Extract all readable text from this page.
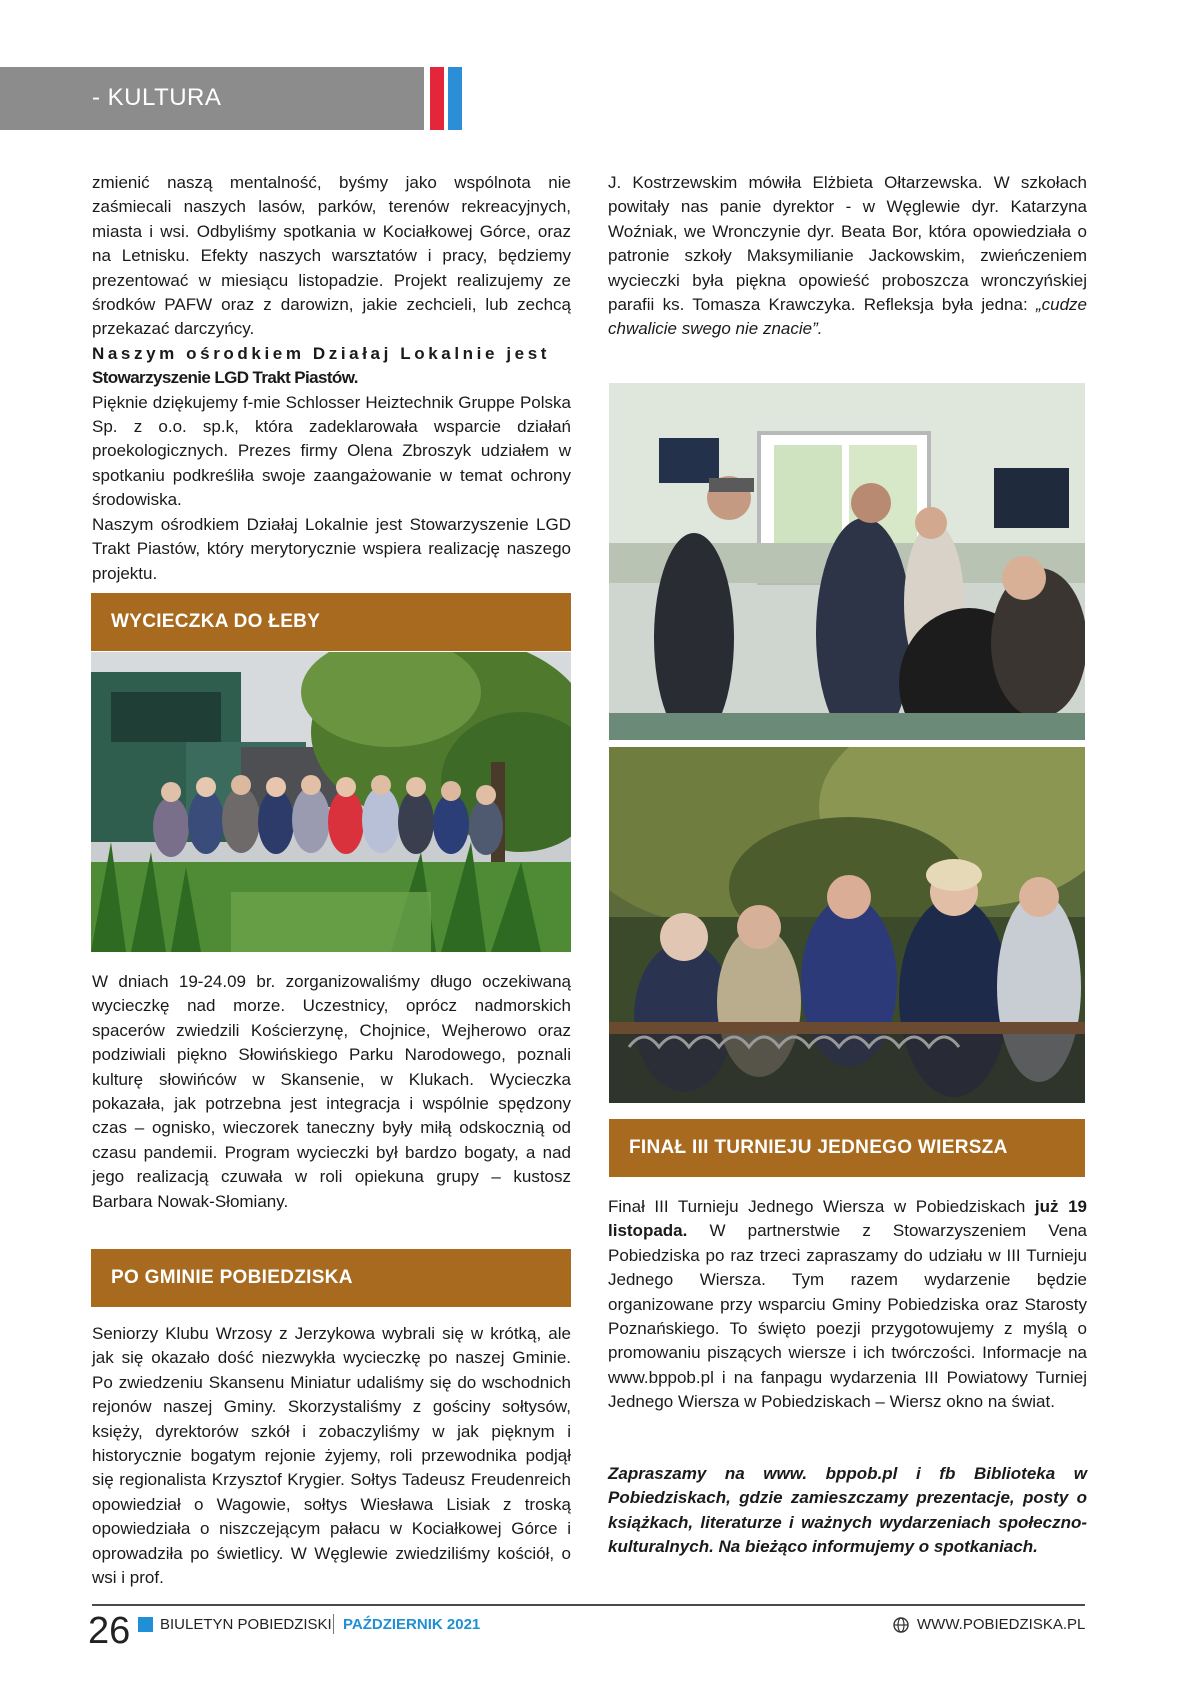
- KULTURA

zmienić naszą mentalność, byśmy jako wspólnota nie zaśmiecali naszych lasów, parków, terenów rekreacyjnych, miasta i wsi. Odbyliśmy spotkania w Kociałkowej Górce, oraz na Letnisku. Efekty naszych warsztatów i pracy, będziemy prezentować w miesiącu listopadzie. Projekt realizujemy ze środków PAFW oraz z darowizn, jakie zechcieli, lub zechcą przekazać darczyńcy.

Naszym ośrodkiem Działaj Lokalnie jest
Stowarzyszenie LGD Trakt Piastów.

Pięknie dziękujemy f-mie Schlosser Heiztechnik Gruppe Polska Sp. z o.o. sp.k, która zadeklarowała wsparcie działań proekologicznych. Prezes firmy Olena Zbroszyk udziałem w spotkaniu podkreśliła swoje zaangażowanie w temat ochrony środowiska.

Naszym ośrodkiem Działaj Lokalnie jest Stowarzyszenie LGD Trakt Piastów, który merytorycznie wspiera realizację naszego projektu.

WYCIECZKA DO ŁEBY

W dniach 19-24.09 br. zorganizowaliśmy długo oczekiwaną wycieczkę nad morze. Uczestnicy, oprócz nadmorskich spacerów zwiedzili Kościerzynę, Chojnice, Wejherowo oraz podziwiali piękno Słowińskiego Parku Narodowego, poznali kulturę słowińców w Skansenie, w Klukach. Wycieczka pokazała, jak potrzebna jest integracja i wspólnie spędzony czas – ognisko, wieczorek taneczny były miłą odskocznią od czasu pandemii. Program wycieczki był bardzo bogaty, a nad jego realizacją czuwała w roli opiekuna grupy – kustosz Barbara Nowak-Słomiany.

PO GMINIE POBIEDZISKA

Seniorzy Klubu Wrzosy z Jerzykowa wybrali się w krótką, ale jak się okazało dość niezwykła wycieczkę po naszej Gminie. Po zwiedzeniu Skansenu Miniatur udaliśmy się do wschodnich rejonów naszej Gminy. Skorzystaliśmy z gościny sołtysów, księży, dyrektorów szkół i zobaczyliśmy w jak pięknym i historycznie bogatym rejonie żyjemy, roli przewodnika podjął się regionalista Krzysztof Krygier. Sołtys Tadeusz Freudenreich opowiedział o Wagowie, sołtys Wiesława Lisiak z troską opowiedziała o niszczejącym pałacu w Kociałkowej Górce i oprowadziła po świetlicy. W Węglewie zwiedziliśmy kościół, o wsi i prof.

J. Kostrzewskim mówiła Elżbieta Ołtarzewska. W szkołach powitały nas panie dyrektor - w Węglewie dyr. Katarzyna Woźniak, we Wronczynie dyr. Beata Bor, która opowiedziała o patronie szkoły Maksymilianie Jackowskim, zwieńczeniem wycieczki była piękna opowieść proboszcza wronczyńskiej parafii ks. Tomasza Krawczyka. Refleksja była jedna: „cudze chwalicie swego nie znacie”.

FINAŁ III TURNIEJU JEDNEGO WIERSZA

Finał III Turnieju Jednego Wiersza w Pobiedziskach już 19 listopada. W partnerstwie z Stowarzyszeniem Vena Pobiedziska po raz trzeci zapraszamy do udziału w III Turnieju Jednego Wiersza. Tym razem wydarzenie będzie organizowane przy wsparciu Gminy Pobiedziska oraz Starosty Poznańskiego. To święto poezji przygotowujemy z myślą o promowaniu piszących wiersze i ich twórczości. Informacje na www.bppob.pl i na fanpagu wydarzenia III Powiatowy Turniej Jednego Wiersza w Pobiedziskach – Wiersz okno na świat.

Zapraszamy na www. bppob.pl i fb Biblioteka w Pobiedziskach, gdzie zamieszczamy prezentacje, posty o książkach, literaturze i ważnych wydarzeniach społeczno-kulturalnych. Na bieżąco informujemy o spotkaniach.

26 BIULETYN POBIEDZISKI PAŹDZIERNIK 2021	WWW.POBIEDZISKA.PL
